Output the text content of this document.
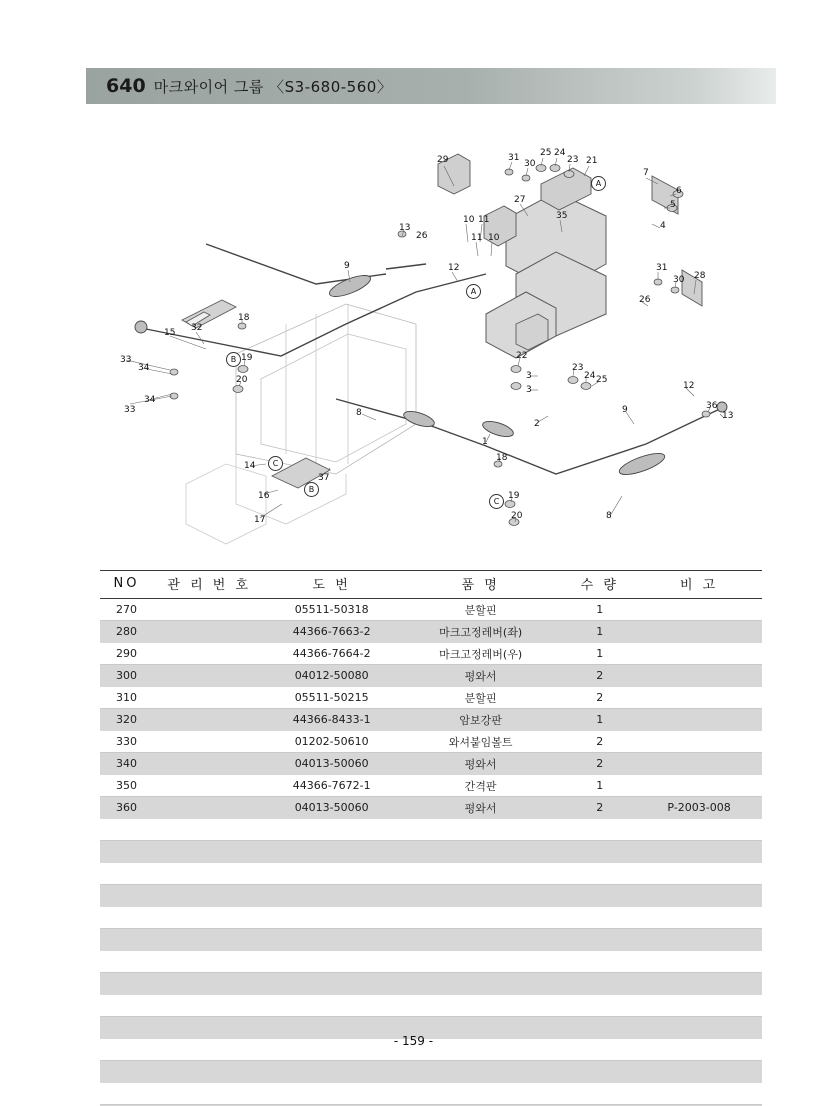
640 마크와이어 그룹 〈S3-680-560〉
29	31
30
25 24
23 21
7
6
5
4
27
35
13
26
10 11
11 10
12
9	31
30 28
26
15 32
18
19
20
33
34
33
34
22
3
3
2
23
24 25
12
36
13
9
8
1
18
19
20	8
14
16
17
37
A
A
B
B
C
C
NO	관 리 번 호	도 번	품 명	수 량	비 고
270		05511-50318	분할핀	1	
280		44366-7663-2	마크고정레버(좌)	1	
290		44366-7664-2	마크고정레버(우)	1	
300		04012-50080	평와서	2	
310		05511-50215	분할핀	2	
320		44366-8433-1	암보강판	1	
330		01202-50610	와셔붙임볼트	2	
340		04013-50060	평와서	2	
350		44366-7672-1	간격판	1	
360		04013-50060	평와서	2	P-2003-008

- 159 -
